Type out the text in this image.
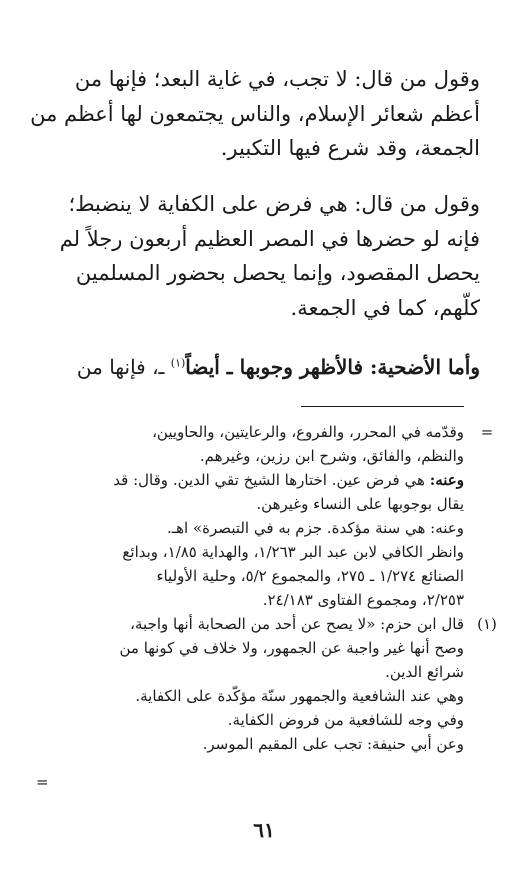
وقول من قال: لا تجب، في غاية البعد؛ فإنها من
أعظم شعائر الإسلام، والناس يجتمعون لها أعظم من
الجمعة، وقد شرع فيها التكبير.

وقول من قال: هي فرض على الكفاية لا ينضبط؛
فإنه لو حضرها في المصر العظيم أربعون رجلاً لم
يحصل المقصود، وإنما يحصل بحضور المسلمين
كلّهم، كما في الجمعة.

وأما الأضحية: فالأظهر وجوبها ـ أيضاً$^{(١)}$ ـ، فإنها من

=
وقدّمه في المحرر، والفروع، والرعايتين، والحاويين،
والنظم، والفائق، وشرح ابن رزين، وغيرهم.
وعنه: هي فرض عين. اختارها الشيخ تقي الدين. وقال: قد
يقال بوجوبها على النساء وغيرهن.
وعنه: هي سنة مؤكدة. جزم به في التبصرة» اهـ.
وانظر الكافي لابن عبد البر ١/٢٦٣، والهداية ١/٨٥، وبدائع
الصنائع ١/٢٧٤ ـ ٢٧٥، والمجموع ٥/٢، وحلية الأولياء
٢/٢٥٣، ومجموع الفتاوى ٢٤/١٨٣.
(١)
قال ابن حزم: «لا يصح عن أحد من الصحابة أنها واجبة،
وصح أنها غير واجبة عن الجمهور، ولا خلاف في كونها من
شرائع الدين.
وهي عند الشافعية والجمهور سنّة مؤكّدة على الكفاية.
وفي وجه للشافعية من فروض الكفاية.
وعن أبي حنيفة: تجب على المقيم الموسر.
=
٦١
